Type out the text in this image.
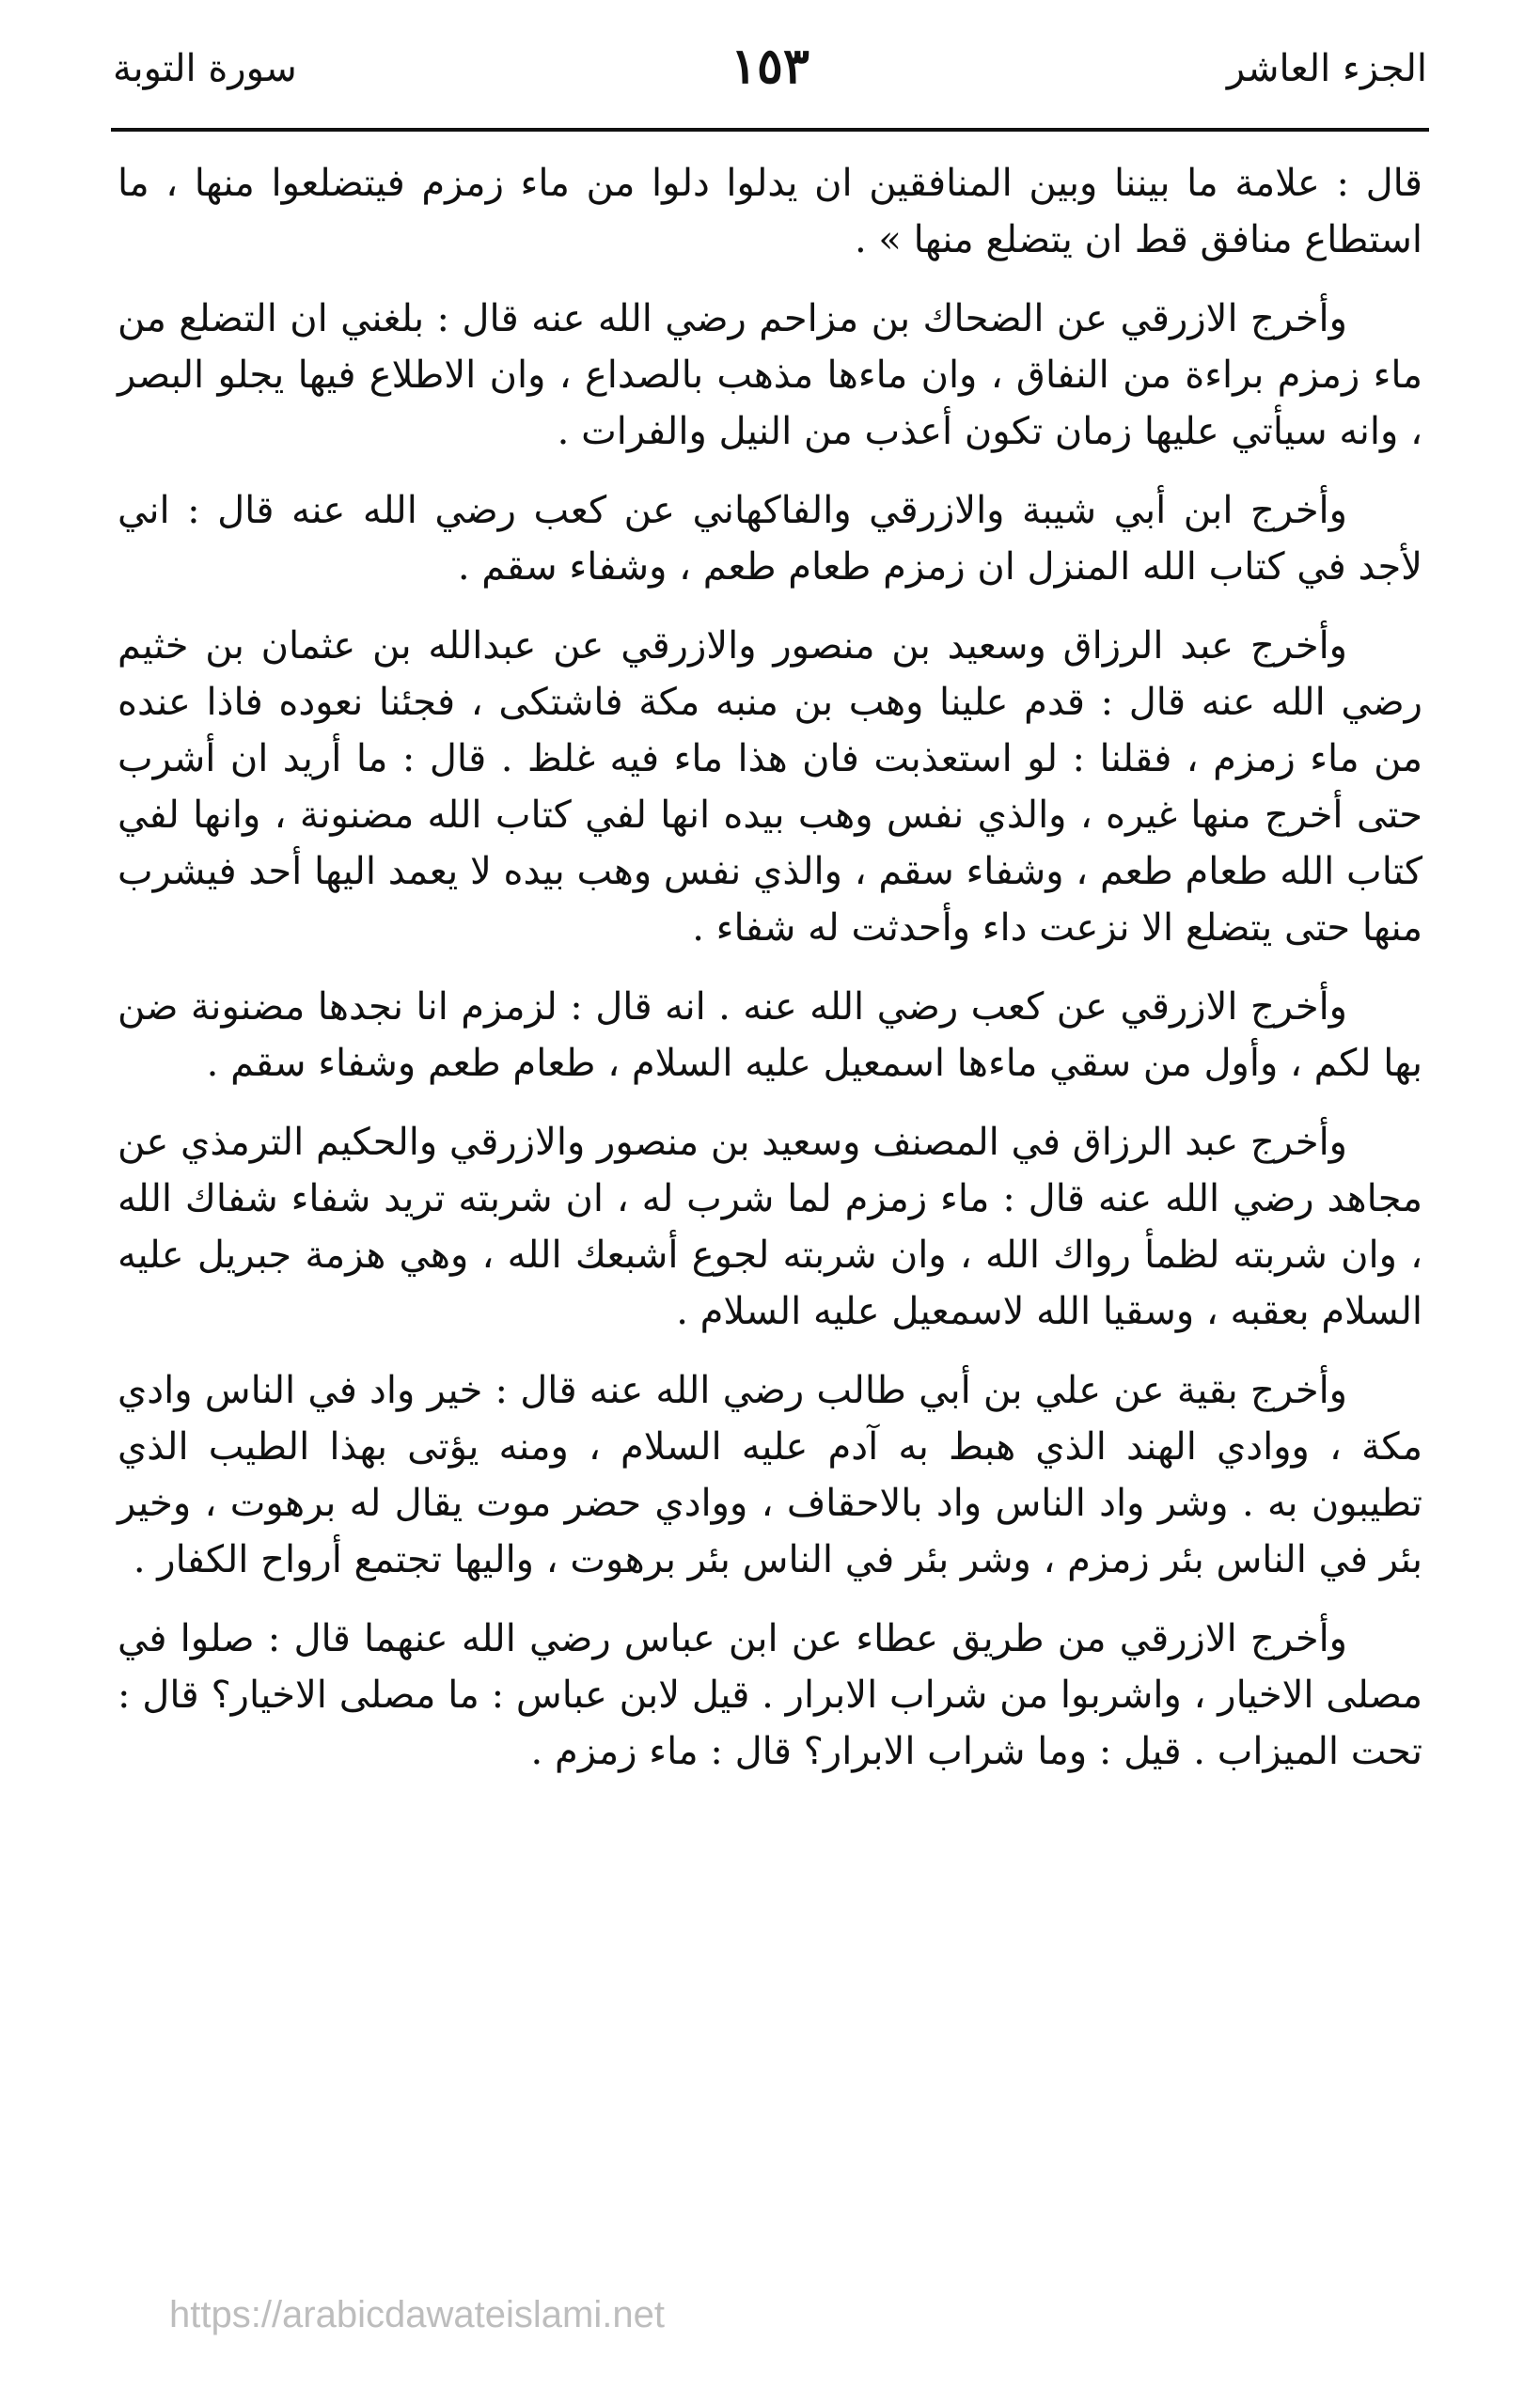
الجزء العاشر
١٥٣
سورة التوبة

قال : علامة ما بيننا وبين المنافقين ان يدلوا دلوا من ماء زمزم فيتضلعوا منها ، ما استطاع منافق قط ان يتضلع منها » .

وأخرج الازرقي عن الضحاك بن مزاحم رضي الله عنه قال : بلغني ان التضلع من ماء زمزم براءة من النفاق ، وان ماءها مذهب بالصداع ، وان الاطلاع فيها يجلو البصر ، وانه سيأتي عليها زمان تكون أعذب من النيل والفرات .

وأخرج ابن أبي شيبة والازرقي والفاكهاني عن كعب رضي الله عنه قال : اني لأجد في كتاب الله المنزل ان زمزم طعام طعم ، وشفاء سقم .

وأخرج عبد الرزاق وسعيد بن منصور والازرقي عن عبدالله بن عثمان بن خثيم رضي الله عنه قال : قدم علينا وهب بن منبه مكة فاشتكى ، فجئنا نعوده فاذا عنده من ماء زمزم ، فقلنا : لو استعذبت فان هذا ماء فيه غلظ . قال : ما أريد ان أشرب حتى أخرج منها غيره ، والذي نفس وهب بيده انها لفي كتاب الله مضنونة ، وانها لفي كتاب الله طعام طعم ، وشفاء سقم ، والذي نفس وهب بيده لا يعمد اليها أحد فيشرب منها حتى يتضلع الا نزعت داء وأحدثت له شفاء .

وأخرج الازرقي عن كعب رضي الله عنه . انه قال : لزمزم انا نجدها مضنونة ضن بها لكم ، وأول من سقي ماءها اسمعيل عليه السلام ، طعام طعم وشفاء سقم .

وأخرج عبد الرزاق في المصنف وسعيد بن منصور والازرقي والحكيم الترمذي عن مجاهد رضي الله عنه قال : ماء زمزم لما شرب له ، ان شربته تريد شفاء شفاك الله ، وان شربته لظمأ رواك الله ، وان شربته لجوع أشبعك الله ، وهي هزمة جبريل عليه السلام بعقبه ، وسقيا الله لاسمعيل عليه السلام .

وأخرج بقية عن علي بن أبي طالب رضي الله عنه قال : خير واد في الناس وادي مكة ، ووادي الهند الذي هبط به آدم عليه السلام ، ومنه يؤتى بهذا الطيب الذي تطيبون به . وشر واد الناس واد بالاحقاف ، ووادي حضر موت يقال له برهوت ، وخير بئر في الناس بئر زمزم ، وشر بئر في الناس بئر برهوت ، واليها تجتمع أرواح الكفار .

وأخرج الازرقي من طريق عطاء عن ابن عباس رضي الله عنهما قال : صلوا في مصلى الاخيار ، واشربوا من شراب الابرار . قيل لابن عباس : ما مصلى الاخيار؟ قال : تحت الميزاب . قيل : وما شراب الابرار؟ قال : ماء زمزم .

https://arabicdawateislami.net
